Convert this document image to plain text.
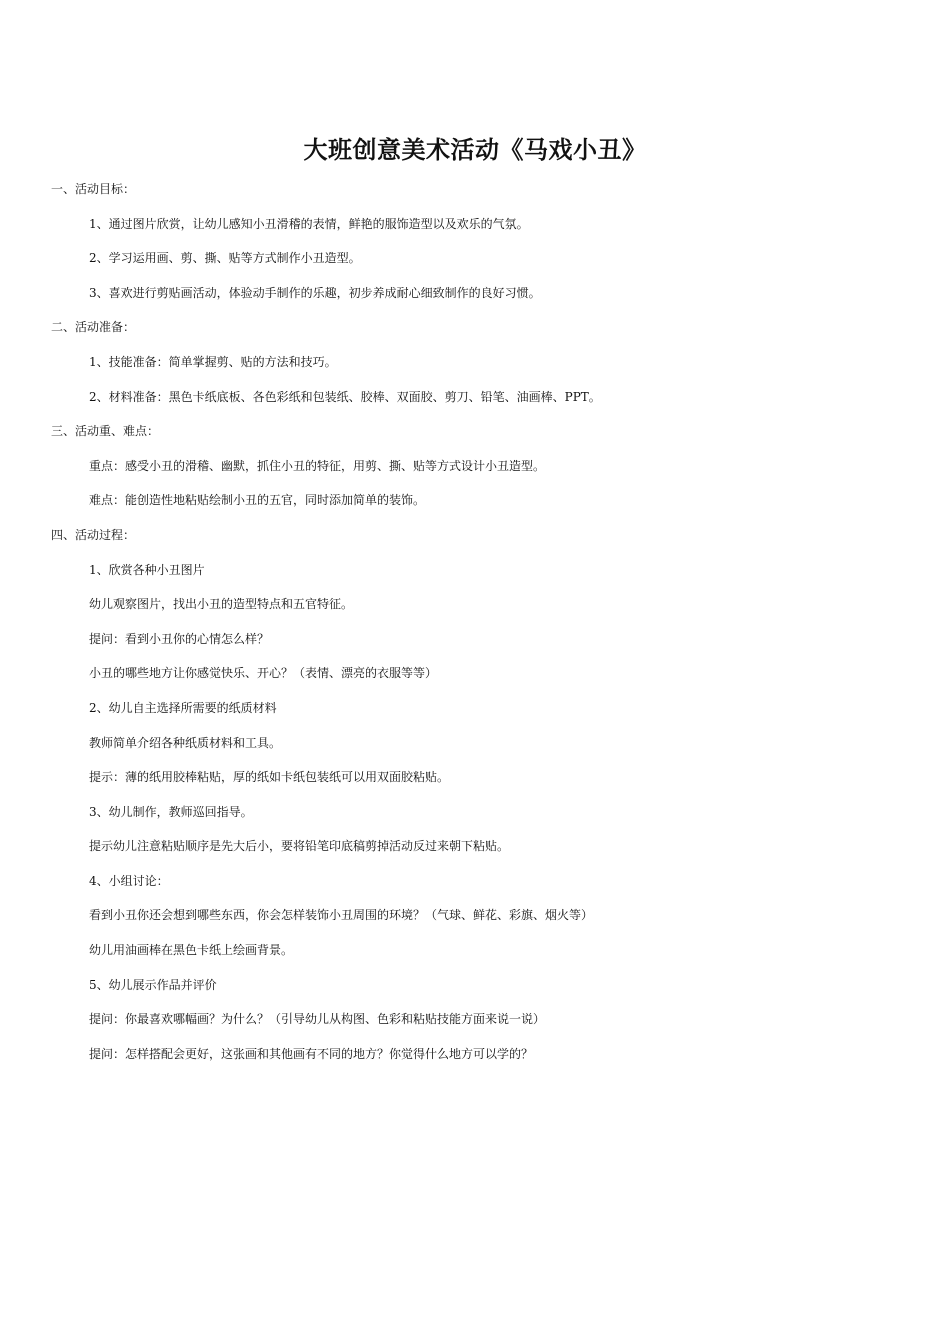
大班创意美术活动《马戏小丑》
一、活动目标：
1、通过图片欣赏，让幼儿感知小丑滑稽的表情，鲜艳的服饰造型以及欢乐的气氛。
2、学习运用画、剪、撕、贴等方式制作小丑造型。
3、喜欢进行剪贴画活动，体验动手制作的乐趣，初步养成耐心细致制作的良好习惯。
二、活动准备：
1、技能准备：简单掌握剪、贴的方法和技巧。
2、材料准备：黑色卡纸底板、各色彩纸和包装纸、胶棒、双面胶、剪刀、铅笔、油画棒、PPT。
三、活动重、难点：
重点：感受小丑的滑稽、幽默，抓住小丑的特征，用剪、撕、贴等方式设计小丑造型。
难点：能创造性地粘贴绘制小丑的五官，同时添加简单的装饰。
四、活动过程：
1、欣赏各种小丑图片
幼儿观察图片，找出小丑的造型特点和五官特征。
提问：看到小丑你的心情怎么样？
小丑的哪些地方让你感觉快乐、开心？（表情、漂亮的衣服等等）
2、幼儿自主选择所需要的纸质材料
教师简单介绍各种纸质材料和工具。
提示：薄的纸用胶棒粘贴，厚的纸如卡纸包装纸可以用双面胶粘贴。
3、幼儿制作，教师巡回指导。
提示幼儿注意粘贴顺序是先大后小，要将铅笔印底稿剪掉活动反过来朝下粘贴。
4、小组讨论：
看到小丑你还会想到哪些东西，你会怎样装饰小丑周围的环境？（气球、鲜花、彩旗、烟火等）
幼儿用油画棒在黑色卡纸上绘画背景。
5、幼儿展示作品并评价
提问：你最喜欢哪幅画？为什么？（引导幼儿从构图、色彩和粘贴技能方面来说一说）
提问：怎样搭配会更好，这张画和其他画有不同的地方？你觉得什么地方可以学的？
